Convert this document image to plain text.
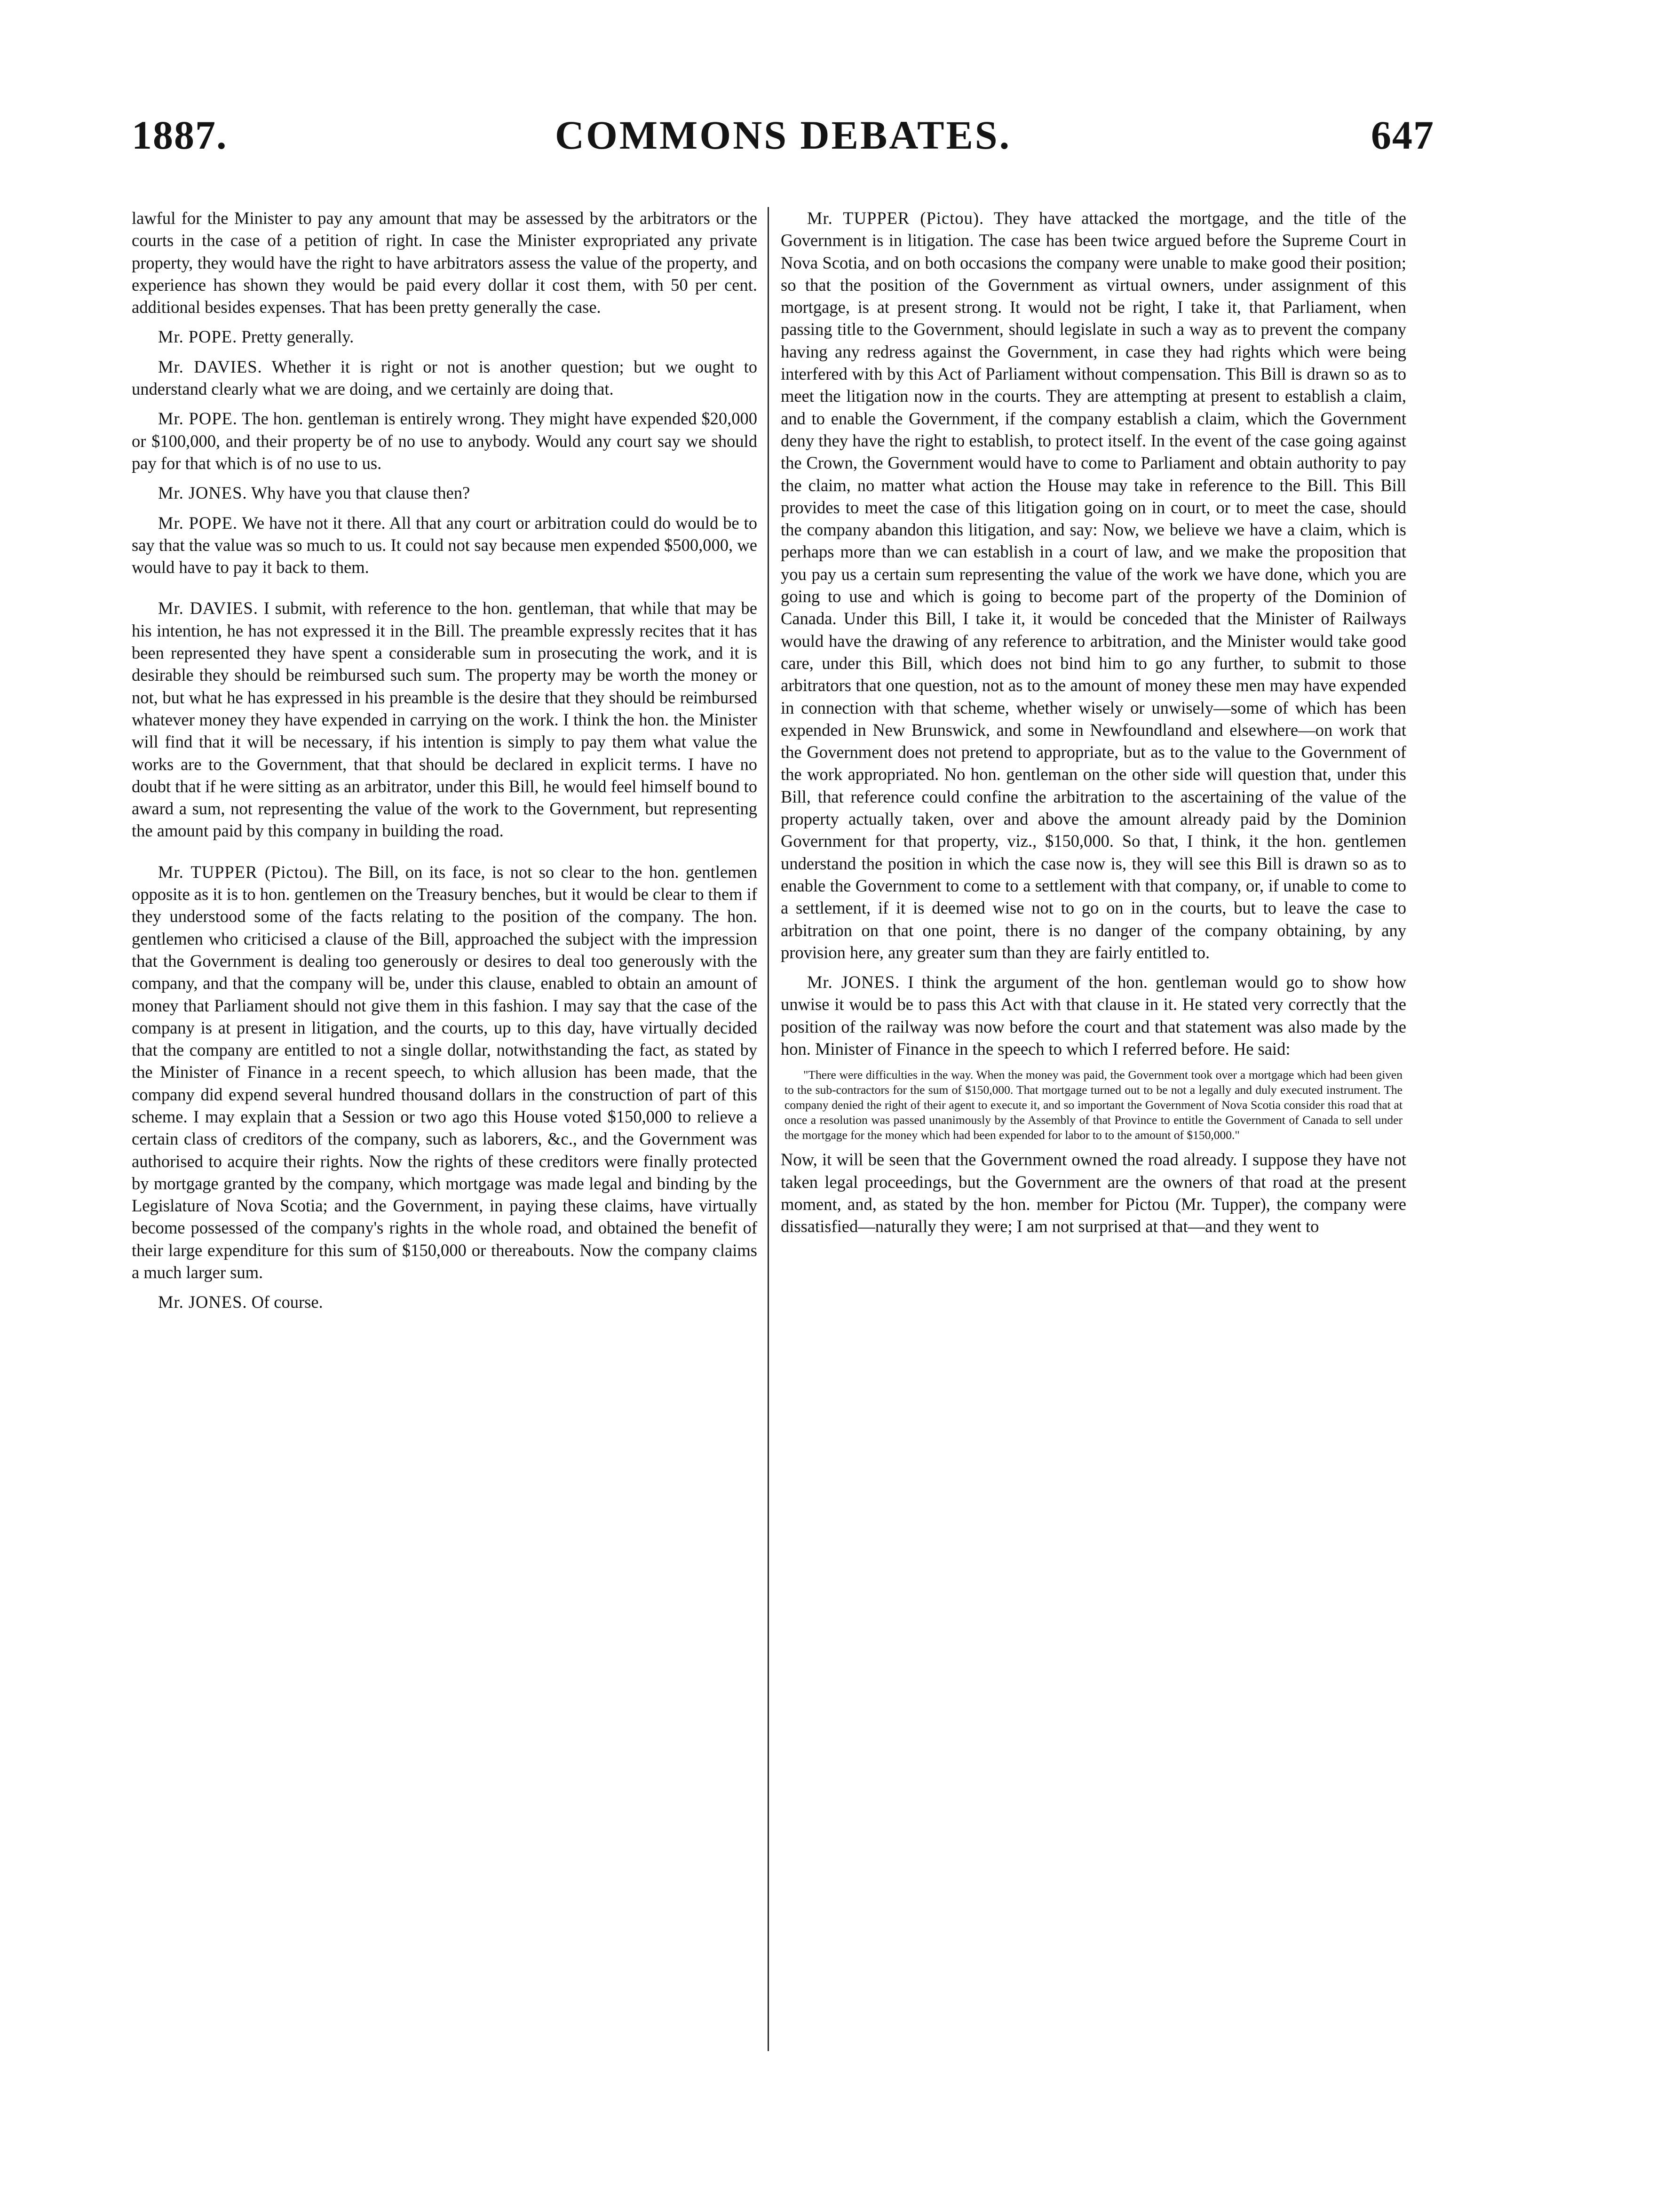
COMMONS DEBATES.
1887.	647

lawful for the Minister to pay any amount that may be assessed by the arbitrators or the courts in the case of a petition of right. In case the Minister expropriated any private property, they would have the right to have arbitrators assess the value of the property, and experience has shown they would be paid every dollar it cost them, with 50 per cent. additional besides expenses. That has been pretty generally the case.

Mr. POPE. Pretty generally.

Mr. DAVIES. Whether it is right or not is another question; but we ought to understand clearly what we are doing, and we certainly are doing that.

Mr. POPE. The hon. gentleman is entirely wrong. They might have expended $20,000 or $100,000, and their property be of no use to anybody. Would any court say we should pay for that which is of no use to us.

Mr. JONES. Why have you that clause then?

Mr. POPE. We have not it there. All that any court or arbitration could do would be to say that the value was so much to us. It could not say because men expended $500,000, we would have to pay it back to them.

Mr. DAVIES. I submit, with reference to the hon. gentleman, that while that may be his intention, he has not expressed it in the Bill. The preamble expressly recites that it has been represented they have spent a considerable sum in prosecuting the work, and it is desirable they should be reimbursed such sum. The property may be worth the money or not, but what he has expressed in his preamble is the desire that they should be reimbursed whatever money they have expended in carrying on the work. I think the hon. the Minister will find that it will be necessary, if his intention is simply to pay them what value the works are to the Government, that that should be declared in explicit terms. I have no doubt that if he were sitting as an arbitrator, under this Bill, he would feel himself bound to award a sum, not representing the value of the work to the Government, but representing the amount paid by this company in building the road.

Mr. TUPPER (Pictou). The Bill, on its face, is not so clear to the hon. gentlemen opposite as it is to hon. gentlemen on the Treasury benches, but it would be clear to them if they understood some of the facts relating to the position of the company. The hon. gentlemen who criticised a clause of the Bill, approached the subject with the impression that the Government is dealing too generously or desires to deal too generously with the company, and that the company will be, under this clause, enabled to obtain an amount of money that Parliament should not give them in this fashion. I may say that the case of the company is at present in litigation, and the courts, up to this day, have virtually decided that the company are entitled to not a single dollar, notwithstanding the fact, as stated by the Minister of Finance in a recent speech, to which allusion has been made, that the company did expend several hundred thousand dollars in the construction of part of this scheme. I may explain that a Session or two ago this House voted $150,000 to relieve a certain class of creditors of the company, such as laborers, &c., and the Government was authorised to acquire their rights. Now the rights of these creditors were finally protected by mortgage granted by the company, which mortgage was made legal and binding by the Legislature of Nova Scotia; and the Government, in paying these claims, have virtually become possessed of the company's rights in the whole road, and obtained the benefit of their large expenditure for this sum of $150,000 or thereabouts. Now the company claims a much larger sum.

Mr. JONES. Of course.

Mr. TUPPER (Pictou). They have attacked the mortgage, and the title of the Government is in litigation. The case has been twice argued before the Supreme Court in Nova Scotia, and on both occasions the company were unable to make good their position; so that the position of the Government as virtual owners, under assignment of this mortgage, is at present strong. It would not be right, I take it, that Parliament, when passing title to the Government, should legislate in such a way as to prevent the company having any redress against the Government, in case they had rights which were being interfered with by this Act of Parliament without compensation. This Bill is drawn so as to meet the litigation now in the courts. They are attempting at present to establish a claim, and to enable the Government, if the company establish a claim, which the Government deny they have the right to establish, to protect itself. In the event of the case going against the Crown, the Government would have to come to Parliament and obtain authority to pay the claim, no matter what action the House may take in reference to the Bill. This Bill provides to meet the case of this litigation going on in court, or to meet the case, should the company abandon this litigation, and say: Now, we believe we have a claim, which is perhaps more than we can establish in a court of law, and we make the proposition that you pay us a certain sum representing the value of the work we have done, which you are going to use and which is going to become part of the property of the Dominion of Canada. Under this Bill, I take it, it would be conceded that the Minister of Railways would have the drawing of any reference to arbitration, and the Minister would take good care, under this Bill, which does not bind him to go any further, to submit to those arbitrators that one question, not as to the amount of money these men may have expended in connection with that scheme, whether wisely or unwisely—some of which has been expended in New Brunswick, and some in Newfoundland and elsewhere—on work that the Government does not pretend to appropriate, but as to the value to the Government of the work appropriated. No hon. gentleman on the other side will question that, under this Bill, that reference could confine the arbitration to the ascertaining of the value of the property actually taken, over and above the amount already paid by the Dominion Government for that property, viz., $150,000. So that, I think, it the hon. gentlemen understand the position in which the case now is, they will see this Bill is drawn so as to enable the Government to come to a settlement with that company, or, if unable to come to a settlement, if it is deemed wise not to go on in the courts, but to leave the case to arbitration on that one point, there is no danger of the company obtaining, by any provision here, any greater sum than they are fairly entitled to.

Mr. JONES. I think the argument of the hon. gentleman would go to show how unwise it would be to pass this Act with that clause in it. He stated very correctly that the position of the railway was now before the court and that statement was also made by the hon. Minister of Finance in the speech to which I referred before. He said:

"There were difficulties in the way. When the money was paid, the Government took over a mortgage which had been given to the sub-contractors for the sum of $150,000. That mortgage turned out to be not a legally and duly executed instrument. The company denied the right of their agent to execute it, and so important the Government of Nova Scotia consider this road that at once a resolution was passed unanimously by the Assembly of that Province to entitle the Government of Canada to sell under the mortgage for the money which had been expended for labor to to the amount of $150,000."

Now, it will be seen that the Government owned the road already. I suppose they have not taken legal proceedings, but the Government are the owners of that road at the present moment, and, as stated by the hon. member for Pictou (Mr. Tupper), the company were dissatisfied—naturally they were; I am not surprised at that—and they went to
